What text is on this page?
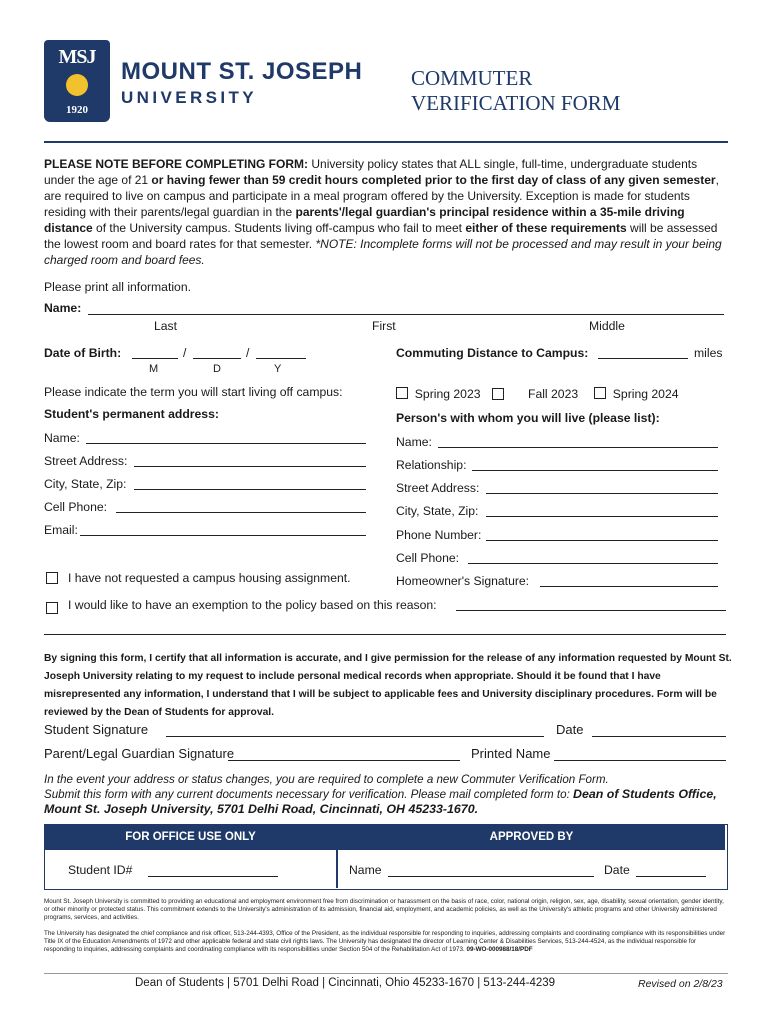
MSJ
1920
MOUNT ST. JOSEPH
UNIVERSITY
COMMUTER
VERIFICATION FORM
PLEASE NOTE BEFORE COMPLETING FORM: University policy states that ALL single, full-time, undergraduate students under the age of 21 or having fewer than 59 credit hours completed prior to the first day of class of any given semester, are required to live on campus and participate in a meal program offered by the University. Exception is made for students residing with their parents/legal guardian in the parents'/legal guardian's principal residence within a 35-mile driving distance of the University campus. Students living off-campus who fail to meet either of these requirements will be assessed the lowest room and board rates for that semester. *NOTE: Incomplete forms will not be processed and may result in your being charged room and board fees.
Please print all information.
Name:
Last	First	Middle
Date of Birth:	/	/
M	D	Y
Commuting Distance to Campus:	miles
Please indicate the term you will start living off campus:	Spring 2023	Fall 2023	Spring 2024
Student's permanent address:
Name:
Street Address:
City, State, Zip:
Cell Phone:
Email:
Person's with whom you will live (please list):
Name:
Relationship:
Street Address:
City, State, Zip:
Phone Number:
Cell Phone:
Homeowner's Signature:
I have not requested a campus housing assignment.
I would like to have an exemption to the policy based on this reason:
By signing this form, I certify that all information is accurate, and I give permission for the release of any information requested by Mount St. Joseph University relating to my request to include personal medical records when appropriate. Should it be found that I have misrepresented any information, I understand that I will be subject to applicable fees and University disciplinary procedures. Form will be reviewed by the Dean of Students for approval.
Student Signature	Date
Parent/Legal Guardian Signature	Printed Name
In the event your address or status changes, you are required to complete a new Commuter Verification Form.
Submit this form with any current documents necessary for verification. Please mail completed form to: Dean of Students Office,
Mount St. Joseph University, 5701 Delhi Road, Cincinnati, OH 45233-1670.
FOR OFFICE USE ONLY	APPROVED BY
Student ID#	Name	Date
Mount St. Joseph University is committed to providing an educational and employment environment free from discrimination or harassment on the basis of race, color, national origin, religion, sex, age, disability, sexual orientation, gender identity, or other minority or protected status. This commitment extends to the University's administration of its admission, financial aid, employment, and academic policies, as well as the University's athletic programs and other University administered programs, services, and activities.
The University has designated the chief compliance and risk officer, 513-244-4393, Office of the President, as the individual responsible for responding to inquiries, addressing complaints and coordinating compliance with its responsibilities under Title IX of the Education Amendments of 1972 and other applicable federal and state civil rights laws. The University has designated the director of Learning Center & Disabilities Services, 513-244-4524, as the individual responsible for responding to inquiries, addressing complaints and coordinating compliance with its responsibilities under Section 504 of the Rehabilitation Act of 1973. 09-WO-000988/18/PDF
Dean of Students | 5701 Delhi Road | Cincinnati, Ohio 45233-1670 | 513-244-4239	Revised on 2/8/23
